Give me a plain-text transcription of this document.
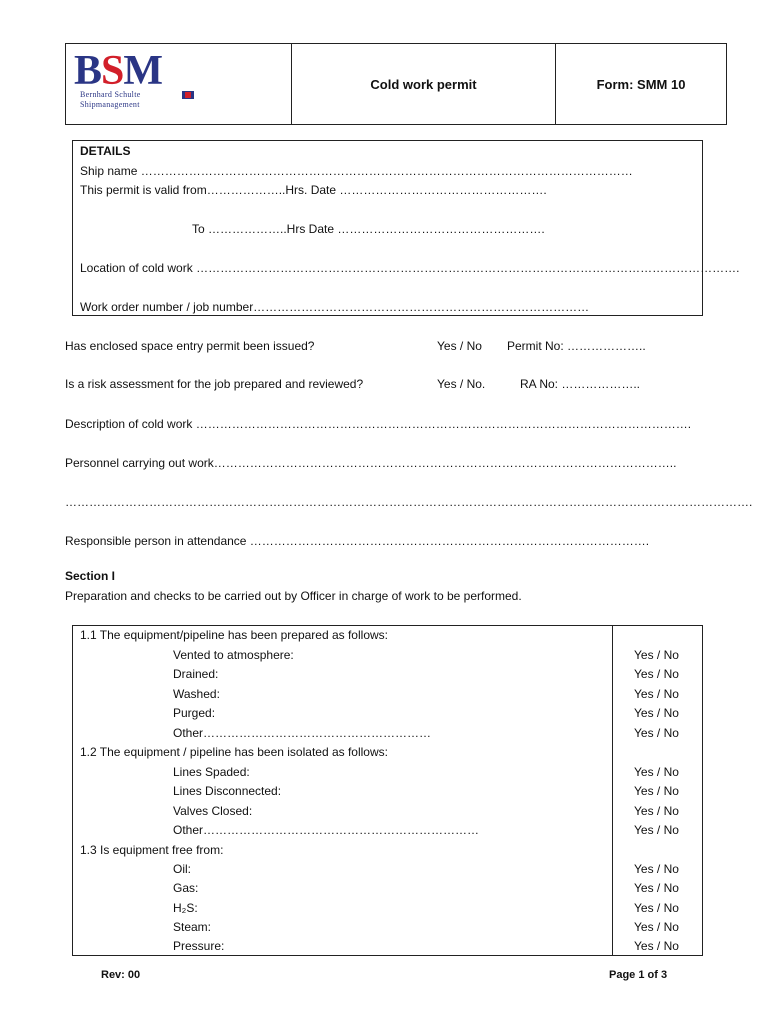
BSM
Bernhard Schulte
Shipmanagement
Cold work permit	Form: SMM 10
DETAILS
Ship name ……………………………………………………………………………………………………………
This permit is valid from………………..Hrs. Date …………………………………………….
To ………………..Hrs Date …………………………………………….
Location of cold work ……………………………………………………………………………………………………………………….
Work order number / job number…………………………………………………………………………
Has enclosed space entry permit been issued?	Yes / No Permit No: ………………..
Is a risk assessment for the job prepared and reviewed?	Yes / No.	RA No: ………………..
Description of cold work …………………………………………………………………………………………………………….
Personnel carrying out work……………………………………………………………………………………………………..
……………………………………………………………………………………………………………………………………………………….
Responsible person in attendance ……………………………………………………………………………………….
Section I
Preparation and checks to be carried out by Officer in charge of work to be performed.
1.1 The equipment/pipeline has been prepared as follows:
Vented to atmosphere:	Yes / No
Drained:	Yes / No
Washed:	Yes / No
Purged:	Yes / No
Other…………………………………………………	Yes / No
1.2 The equipment / pipeline has been isolated as follows:
Lines Spaded:	Yes / No
Lines Disconnected:	Yes / No
Valves Closed:	Yes / No
Other……………………………………………………………	Yes / No
1.3 Is equipment free from:
Oil:	Yes / No
Gas:	Yes / No
H₂S:	Yes / No
Steam:	Yes / No
Pressure:	Yes / No
Rev: 00	Page 1 of 3
